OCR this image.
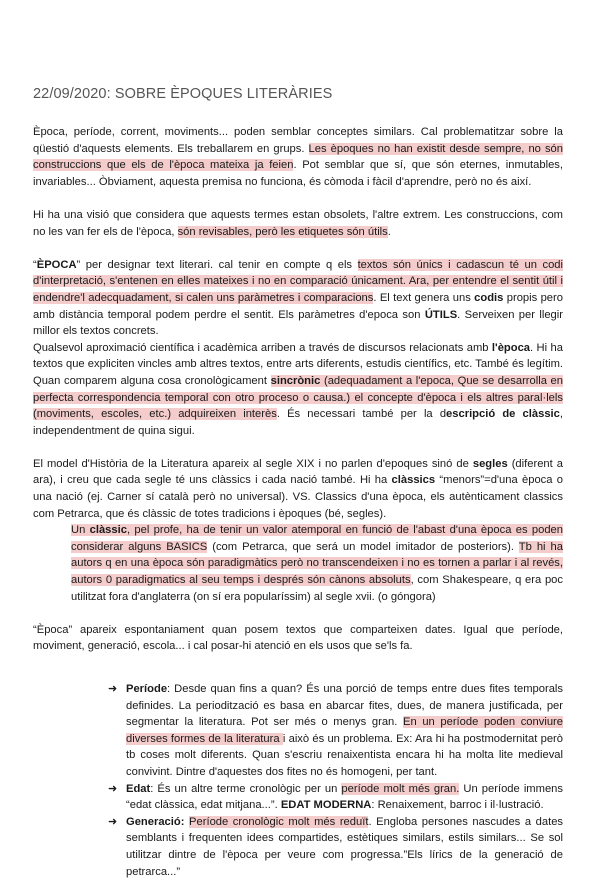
22/09/2020: SOBRE ÈPOQUES LITERÀRIES

Època, període, corrent, moviments... poden semblar conceptes similars. Cal problematitzar sobre la qüestió d'aquests elements. Els treballarem en grups. Les èpoques no han existit desde sempre, no són construccions que els de l'època mateixa ja feien. Pot semblar que sí, que són eternes, inmutables, invariables... Òbviament, aquesta premisa no funciona, és còmoda i fàcil d'aprendre, però no és així.

Hi ha una visió que considera que aquests termes estan obsolets, l'altre extrem. Les construccions, com no les van fer els de l'època, són revisables, però les etiquetes són útils.

“ÈPOCA” per designar text literari. cal tenir en compte q els textos són únics i cadascun té un codi d'interpretació, s'entenen en elles mateixes i no en comparació únicament. Ara, per entendre el sentit útil i endendre'l adecquadament, si calen uns paràmetres i comparacions. El text genera uns codis propis pero amb distància temporal podem perdre el sentit. Els paràmetres d'epoca son ÚTILS. Serveixen per llegir millor els textos concrets.

Qualsevol aproximació científica i acadèmica arriben a través de discursos relacionats amb l'època. Hi ha textos que expliciten vincles amb altres textos, entre arts diferents, estudis científics, etc. També és legítim. Quan comparem alguna cosa cronològicament sincrònic (adequadament a l'epoca, Que se desarrolla en perfecta correspondencia temporal con otro proceso o causa.) el concepte d'època i els altres paral·lels (moviments, escoles, etc.) adquireixen interès. És necessari també per la descripció de clàssic, independentment de quina sigui.

El model d'Història de la Literatura apareix al segle XIX i no parlen d'epoques sinó de segles (diferent a ara), i creu que cada segle té uns clàssics i cada nació també. Hi ha clàssics “menors”=d'una època o una nació (ej. Carner sí català però no universal). VS. Classics d'una època, els autènticament classics com Petrarca, que és clàssic de totes tradicions i èpoques (bé, segles).

Un clàssic, pel profe, ha de tenir un valor atemporal en funció de l'abast d'una època es poden considerar alguns BASICS (com Petrarca, que será un model imitador de posteriors). Tb hi ha autors q en una època són paradigmàtics però no transcendeixen i no es tornen a parlar i al revés, autors 0 paradigmatics al seu temps i després són cànons absoluts, com Shakespeare, q era poc utilitzat fora d'anglaterra (on sí era popularíssim) al segle xvii. (o góngora)

“Època” apareix espontaniament quan posem textos que comparteixen dates. Igual que període, moviment, generació, escola... i cal posar-hi atenció en els usos que se'ls fa.

➜ Període: Desde quan fins a quan? És una porció de temps entre dues fites temporals definides. La periodització es basa en abarcar fites, dues, de manera justificada, per segmentar la literatura. Pot ser més o menys gran. En un període poden conviure diverses formes de la literatura i això és un problema. Ex: Ara hi ha postmodernitat però tb coses molt diferents. Quan s'escriu renaixentista encara hi ha molta lite medieval convivint. Dintre d'aquestes dos fites no és homogeni, per tant.

➜ Edat: És un altre terme cronològic per un període molt més gran. Un període immens “edat clàssica, edat mitjana...”. EDAT MODERNA: Renaixement, barroc i il·lustració.

➜ Generació: Període cronològic molt més reduït. Engloba persones nascudes a dates semblants i frequenten idees compartides, estètiques similars, estils similars... Se sol utilitzar dintre de l'època per veure com progressa.”Els lírics de la generació de petrarca...”
